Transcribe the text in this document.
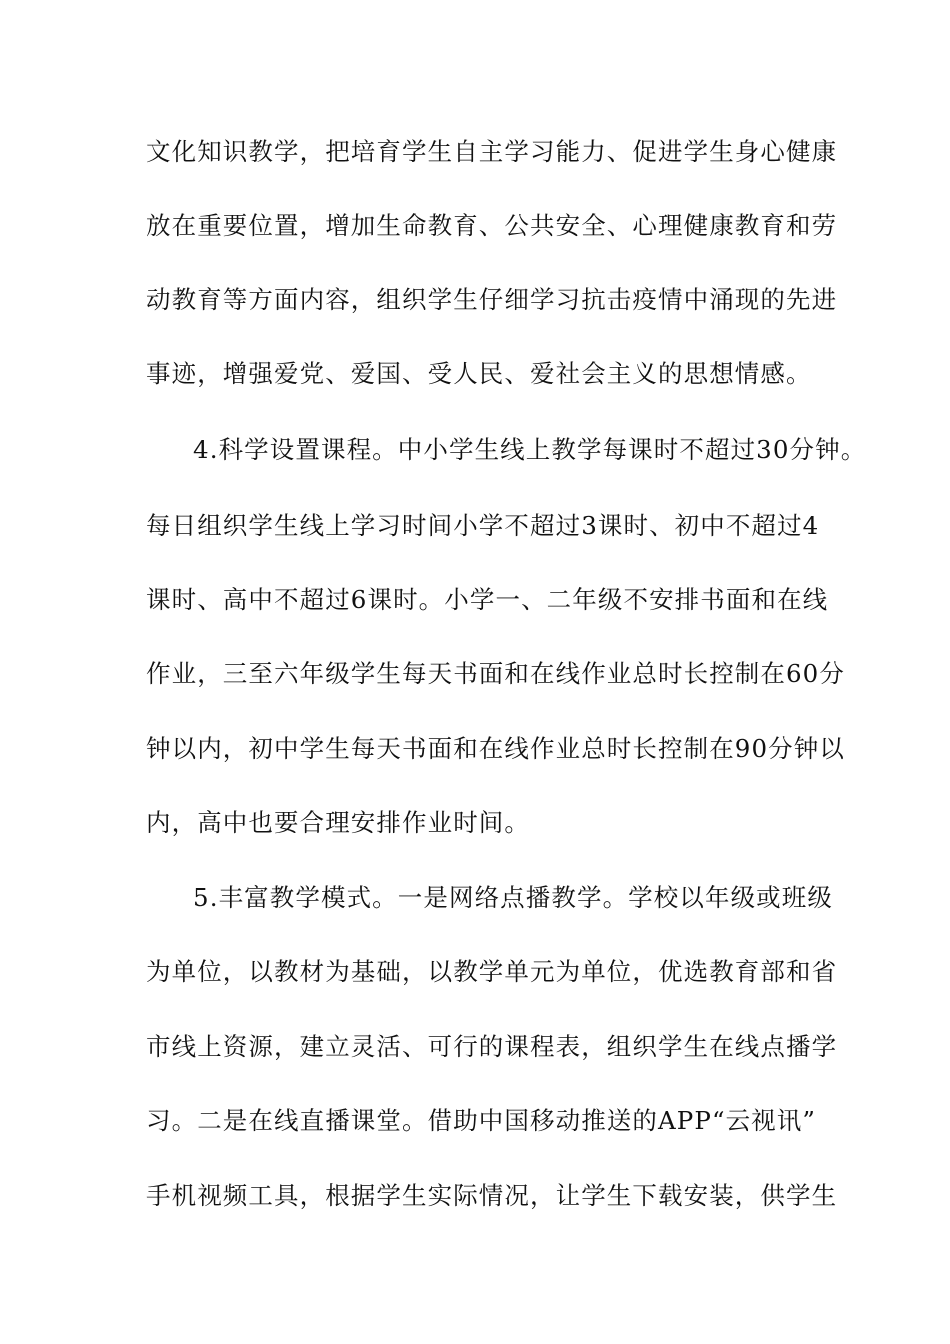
文化知识教学，把培育学生自主学习能力、促进学生身心健康
放在重要位置，增加生命教育、公共安全、心理健康教育和劳
动教育等方面内容，组织学生仔细学习抗击疫情中涌现的先进
事迹，增强爱党、爱国、受人民、爱社会主义的思想情感。
4.科学设置课程。中小学生线上教学每课时不超过30分钟。
每日组织学生线上学习时间小学不超过3课时、初中不超过4
课时、高中不超过6课时。小学一、二年级不安排书面和在线
作业，三至六年级学生每天书面和在线作业总时长控制在60分
钟以内，初中学生每天书面和在线作业总时长控制在90分钟以
内，高中也要合理安排作业时间。
5.丰富教学模式。一是网络点播教学。学校以年级或班级
为单位，以教材为基础，以教学单元为单位，优选教育部和省
市线上资源，建立灵活、可行的课程表，组织学生在线点播学
习。二是在线直播课堂。借助中国移动推送的APP“云视讯”
手机视频工具，根据学生实际情况，让学生下载安装，供学生
